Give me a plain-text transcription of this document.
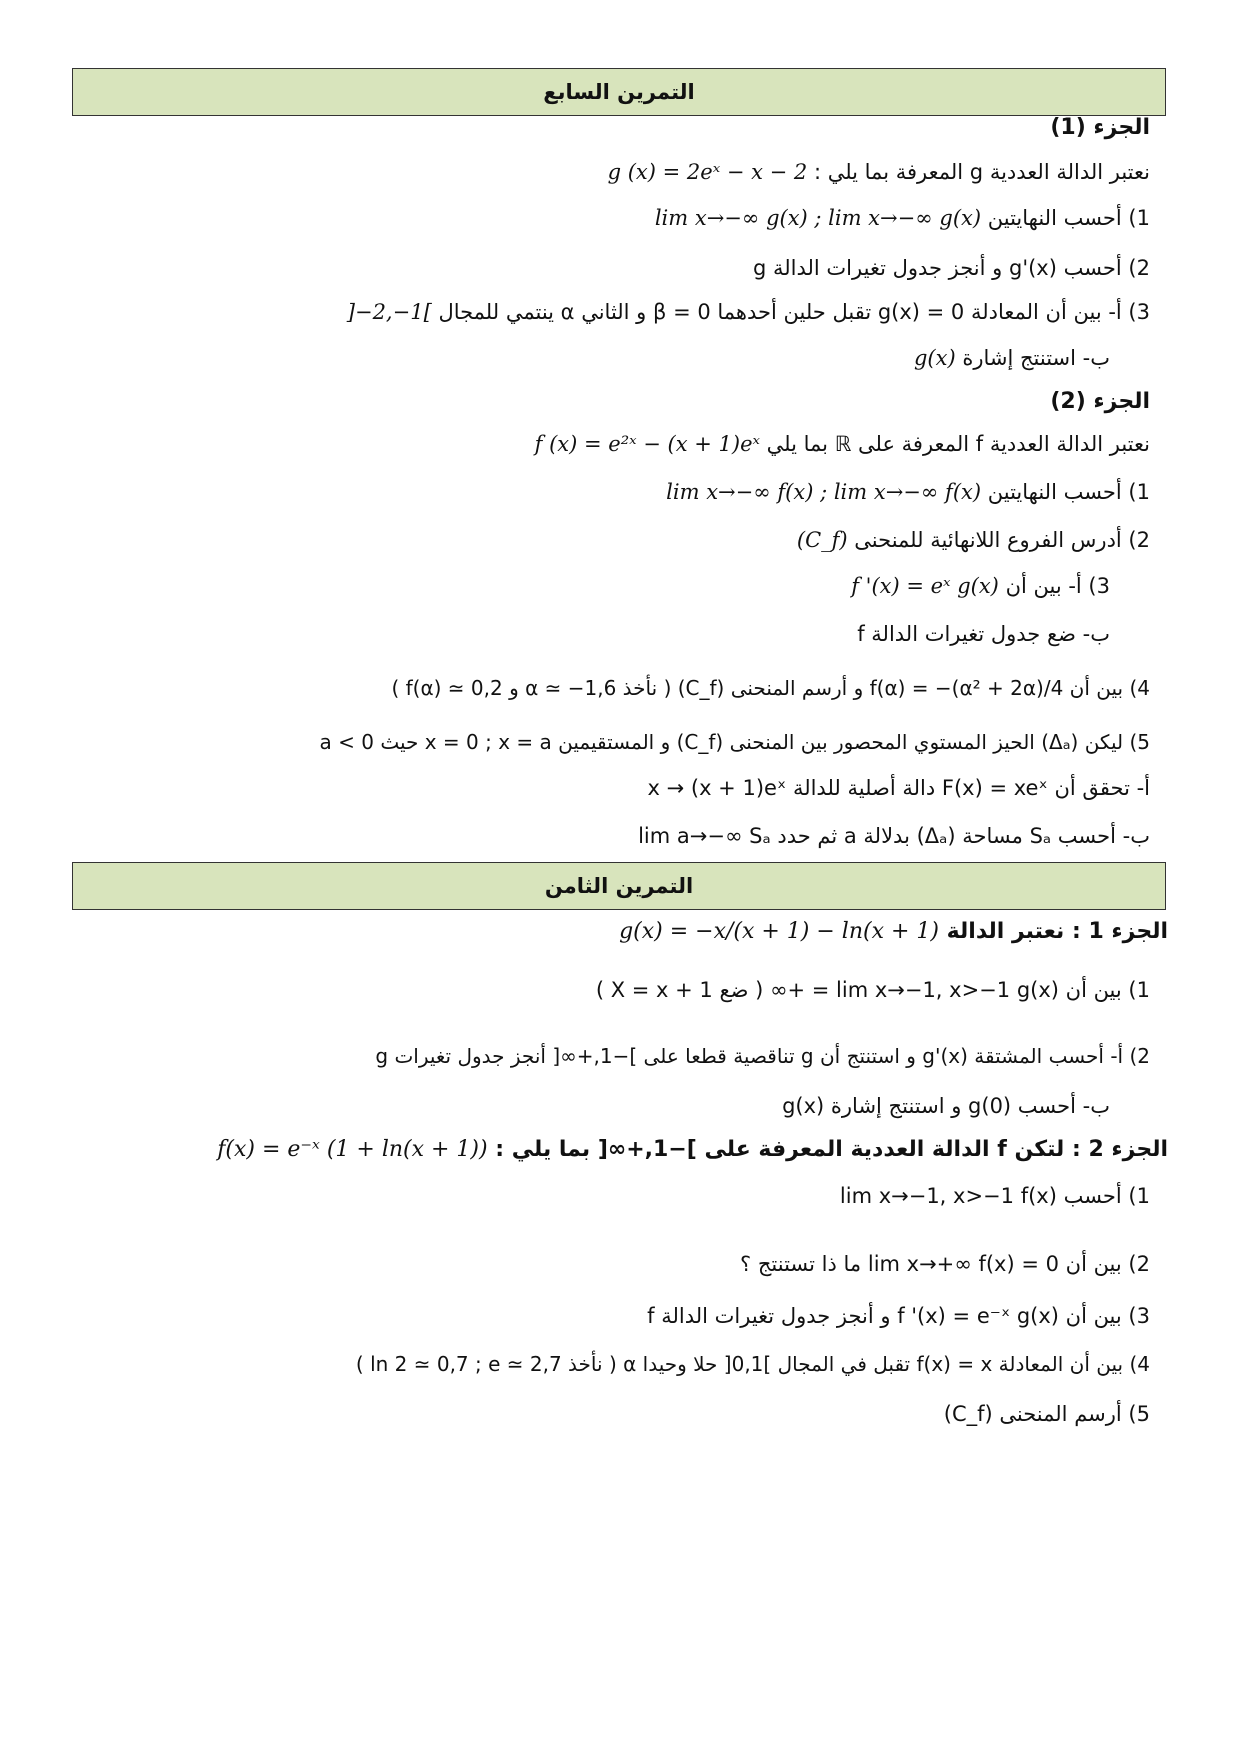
التمرين السابع
الجزء (1)
نعتبر الدالة العددية g المعرفة بما يلي : g (x) = 2eˣ − x − 2
1) أحسب النهايتين lim x→−∞ g(x) ; lim x→−∞ g(x)
2) أحسب g'(x) و أنجز جدول تغيرات الدالة g
3) أ- بين أن المعادلة g(x) = 0 تقبل حلين أحدهما β = 0 و الثاني α ينتمي للمجال ]−2,−1[
ب- استنتج إشارة g(x)
الجزء (2)
نعتبر الدالة العددية f المعرفة على ℝ بما يلي f (x) = e²ˣ − (x + 1)eˣ
1) أحسب النهايتين lim x→−∞ f(x) ; lim x→−∞ f(x)
2) أدرس الفروع اللانهائية للمنحنى (C_f)
3) أ- بين أن f '(x) = eˣ g(x)
ب- ضع جدول تغيرات الدالة f
4) بين أن f(α) = −(α² + 2α)/4 و أرسم المنحنى (C_f) ( نأخذ α ≃ −1,6 و f(α) ≃ 0,2 )
5) ليكن (Δₐ) الحيز المستوي المحصور بين المنحنى (C_f) و المستقيمين x = 0 ; x = a حيث a < 0
أ- تحقق أن F(x) = xeˣ دالة أصلية للدالة x → (x + 1)eˣ
ب- أحسب Sₐ مساحة (Δₐ) بدلالة a ثم حدد lim a→−∞ Sₐ
التمرين الثامن
الجزء 1 : نعتبر الدالة g(x) = −x/(x + 1) − ln(x + 1)
1) بين أن lim x→−1, x>−1 g(x) = +∞ ( ضع X = x + 1 )
2) أ- أحسب المشتقة g'(x) و استنتج أن g تناقصية قطعا على ]−1,+∞[ أنجز جدول تغيرات g
ب- أحسب g(0) و استنتج إشارة g(x)
الجزء 2 : لتكن f الدالة العددية المعرفة على ]−1,+∞[ بما يلي : f(x) = e⁻ˣ (1 + ln(x + 1))
1) أحسب lim x→−1, x>−1 f(x)
2) بين أن lim x→+∞ f(x) = 0 ما ذا تستنتج ؟
3) بين أن f '(x) = e⁻ˣ g(x) و أنجز جدول تغيرات الدالة f
4) بين أن المعادلة f(x) = x تقبل في المجال ]0,1[ حلا وحيدا α ( نأخذ ln 2 ≃ 0,7 ; e ≃ 2,7 )
5) أرسم المنحنى (C_f)
